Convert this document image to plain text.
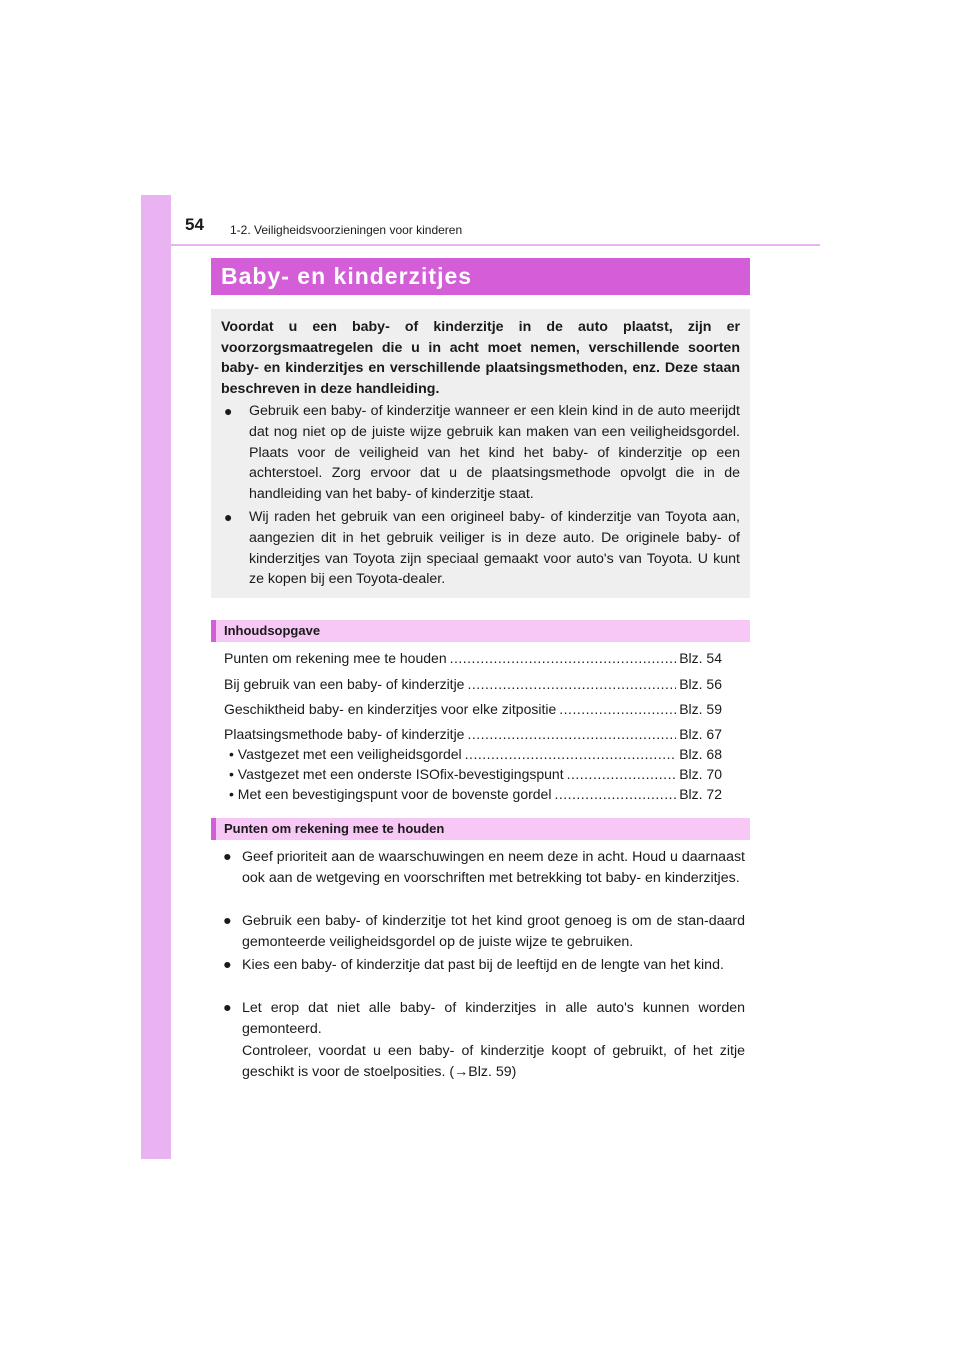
54 1-2. Veiligheidsvoorzieningen voor kinderen
Baby- en kinderzitjes
Voordat u een baby- of kinderzitje in de auto plaatst, zijn er voorzorgsmaatregelen die u in acht moet nemen, verschillende soorten baby- en kinderzitjes en verschillende plaatsingsmethoden, enz. Deze staan beschreven in deze handleiding.
● Gebruik een baby- of kinderzitje wanneer er een klein kind in de auto meerijdt dat nog niet op de juiste wijze gebruik kan maken van een veiligheidsgordel. Plaats voor de veiligheid van het kind het baby- of kinderzitje op een achterstoel. Zorg ervoor dat u de plaatsingsmethode opvolgt die in de handleiding van het baby- of kinderzitje staat.
● Wij raden het gebruik van een origineel baby- of kinderzitje van Toyota aan, aangezien dit in het gebruik veiliger is in deze auto. De originele baby- of kinderzitjes van Toyota zijn speciaal gemaakt voor auto's van Toyota. U kunt ze kopen bij een Toyota-dealer.
Inhoudsopgave
Punten om rekening mee te houden .....	Blz. 54
Bij gebruik van een baby- of kinderzitje .....	Blz. 56
Geschiktheid baby- en kinderzitjes voor elke zitpositie .....	Blz. 59
Plaatsingsmethode baby- of kinderzitje .....	Blz. 67
• Vastgezet met een veiligheidsgordel .....	Blz. 68
• Vastgezet met een onderste ISOfix-bevestigingspunt .....	Blz. 70
• Met een bevestigingspunt voor de bovenste gordel .....	Blz. 72
Punten om rekening mee te houden
● Geef prioriteit aan de waarschuwingen en neem deze in acht. Houd u daarnaast ook aan de wetgeving en voorschriften met betrekking tot baby- en kinderzitjes.
● Gebruik een baby- of kinderzitje tot het kind groot genoeg is om de stan-daard gemonteerde veiligheidsgordel op de juiste wijze te gebruiken.
● Kies een baby- of kinderzitje dat past bij de leeftijd en de lengte van het kind.
● Let erop dat niet alle baby- of kinderzitjes in alle auto's kunnen worden gemonteerd.
Controleer, voordat u een baby- of kinderzitje koopt of gebruikt, of het zitje geschikt is voor de stoelposities. (→Blz. 59)
